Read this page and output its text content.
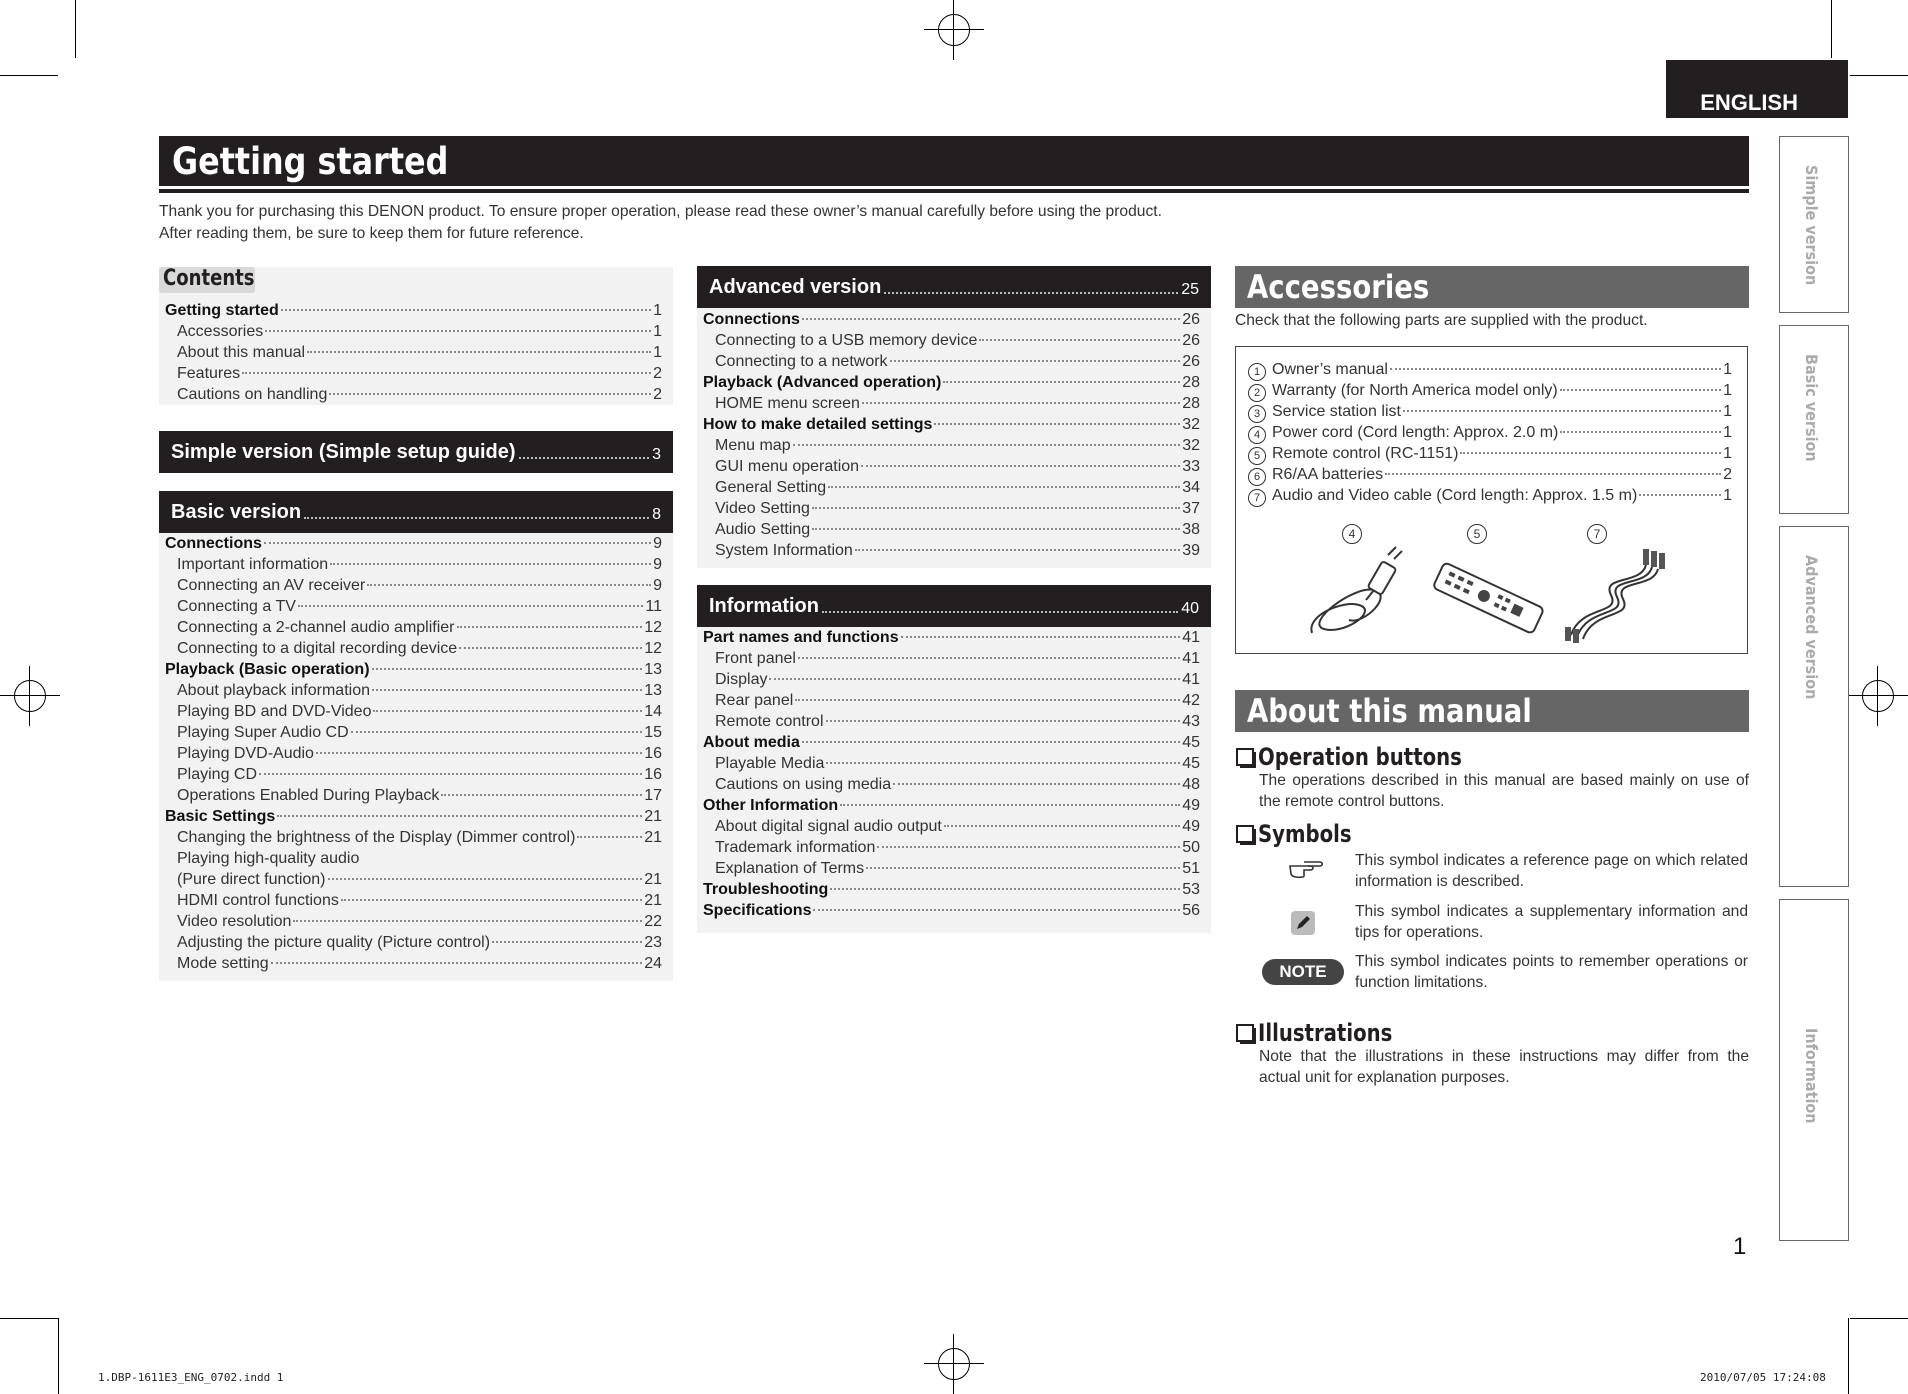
ENGLISH
Getting started
Thank you for purchasing this DENON product. To ensure proper operation, please read these owner’s manual carefully before using the product.
After reading them, be sure to keep them for future reference.
Contents
Getting started	1
Accessories	1
About this manual	1
Features	2
Cautions on handling	2
Simple version (Simple setup guide)	3
Basic version	8
Connections	9
Important information	9
Connecting an AV receiver	9
Connecting a TV	11
Connecting a 2-channel audio amplifier	12
Connecting to a digital recording device	12
Playback (Basic operation)	13
About playback information	13
Playing BD and DVD-Video	14
Playing Super Audio CD	15
Playing DVD-Audio	16
Playing CD	16
Operations Enabled During Playback	17
Basic Settings	21
Changing the brightness of the Display (Dimmer control)	21
Playing high-quality audio
(Pure direct function)	21
HDMI control functions	21
Video resolution	22
Adjusting the picture quality (Picture control)	23
Mode setting	24
Advanced version	25
Connections	26
Connecting to a USB memory device	26
Connecting to a network	26
Playback (Advanced operation)	28
HOME menu screen	28
How to make detailed settings	32
Menu map	32
GUI menu operation	33
General Setting	34
Video Setting	37
Audio Setting	38
System Information	39
Information	40
Part names and functions	41
Front panel	41
Display	41
Rear panel	42
Remote control	43
About media	45
Playable Media	45
Cautions on using media	48
Other Information	49
About digital signal audio output	49
Trademark information	50
Explanation of Terms	51
Troubleshooting	53
Specifications	56
Accessories
Check that the following parts are supplied with the product.
1 Owner’s manual	1
2 Warranty (for North America model only)	1
3 Service station list	1
4 Power cord (Cord length: Approx. 2.0 m)	1
5 Remote control (RC-1151)	1
6 R6/AA batteries	2
7 Audio and Video cable (Cord length: Approx. 1.5 m)	1
4	5	7
About this manual
Operation buttons
The operations described in this manual are based mainly on use of the remote control buttons.
Symbols
This symbol indicates a reference page on which related information is described.
This symbol indicates a supplementary information and tips for operations.
NOTE
This symbol indicates points to remember operations or function limitations.
Illustrations
Note that the illustrations in these instructions may differ from the actual unit for explanation purposes.
Simple version
Basic version
Advanced version
Information
1
1.DBP-1611E3_ENG_0702.indd 1	2010/07/05 17:24:08
